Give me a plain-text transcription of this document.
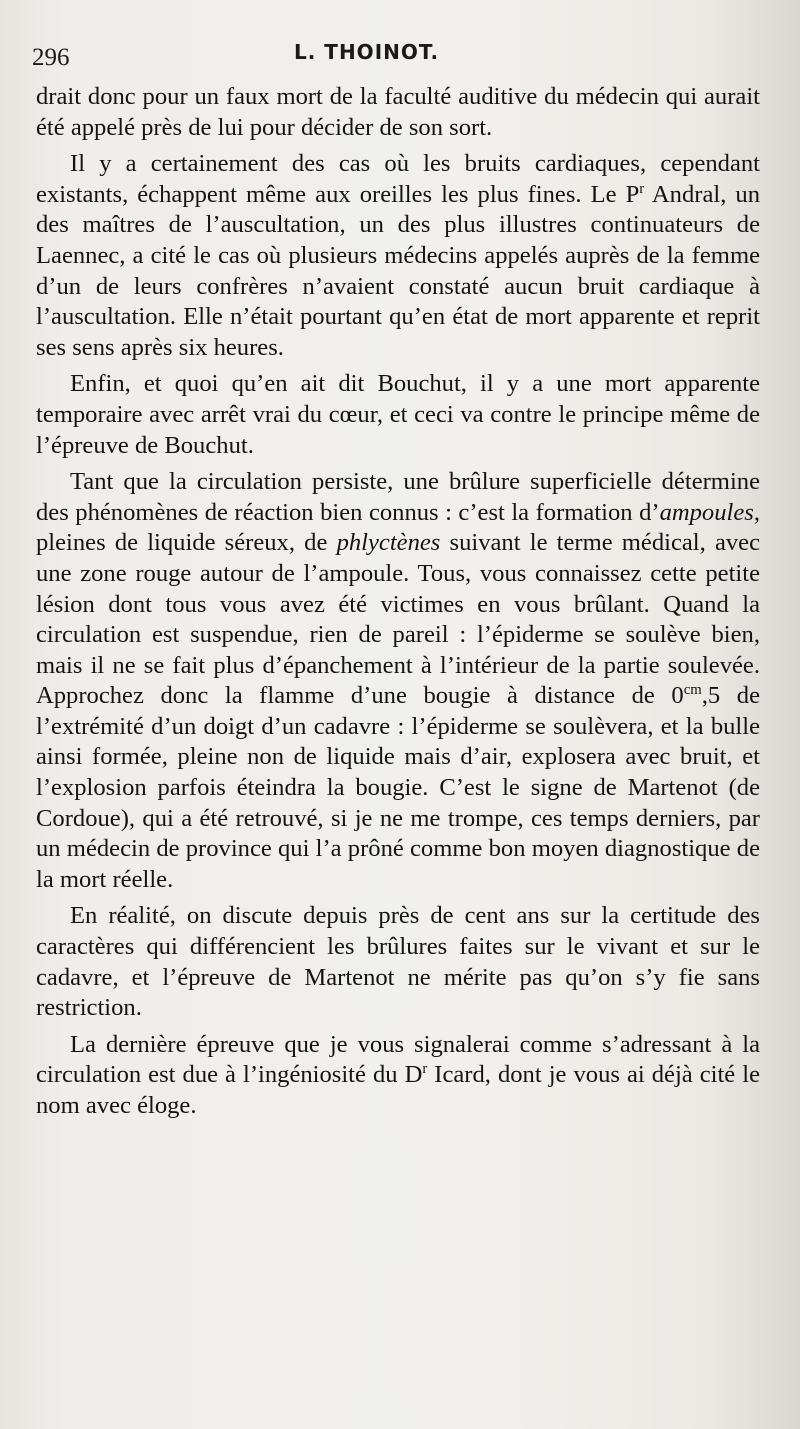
296	L. THOINOT.

drait donc pour un faux mort de la faculté auditive du médecin qui aurait été appelé près de lui pour décider de son sort.

Il y a certainement des cas où les bruits cardiaques, cependant existants, échappent même aux oreilles les plus fines. Le $P^r$ Andral, un des maîtres de l’auscultation, un des plus illustres continuateurs de Laennec, a cité le cas où plusieurs médecins appelés auprès de la femme d’un de leurs confrères n’avaient constaté aucun bruit cardiaque à l’auscultation. Elle n’était pourtant qu’en état de mort apparente et reprit ses sens après six heures.

Enfin, et quoi qu’en ait dit Bouchut, il y a une mort apparente temporaire avec arrêt vrai du cœur, et ceci va contre le principe même de l’épreuve de Bouchut.

Tant que la circulation persiste, une brûlure superficielle détermine des phénomènes de réaction bien connus : c’est la formation d’ampoules, pleines de liquide séreux, de phlyctènes suivant le terme médical, avec une zone rouge autour de l’ampoule. Tous, vous connaissez cette petite lésion dont tous vous avez été victimes en vous brûlant. Quand la circulation est suspendue, rien de pareil : l’épiderme se soulève bien, mais il ne se fait plus d’épanchement à l’intérieur de la partie soulevée. Approchez donc la flamme d’une bougie à distance de $0^{cm},5$ de l’extrémité d’un doigt d’un cadavre : l’épiderme se soulèvera, et la bulle ainsi formée, pleine non de liquide mais d’air, explosera avec bruit, et l’explosion parfois éteindra la bougie. C’est le signe de Martenot (de Cordoue), qui a été retrouvé, si je ne me trompe, ces temps derniers, par un médecin de province qui l’a prôné comme bon moyen diagnostique de la mort réelle.

En réalité, on discute depuis près de cent ans sur la certitude des caractères qui différencient les brûlures faites sur le vivant et sur le cadavre, et l’épreuve de Martenot ne mérite pas qu’on s’y fie sans restriction.

La dernière épreuve que je vous signalerai comme s’adressant à la circulation est due à l’ingéniosité du $D^r$ Icard, dont je vous ai déjà cité le nom avec éloge.
